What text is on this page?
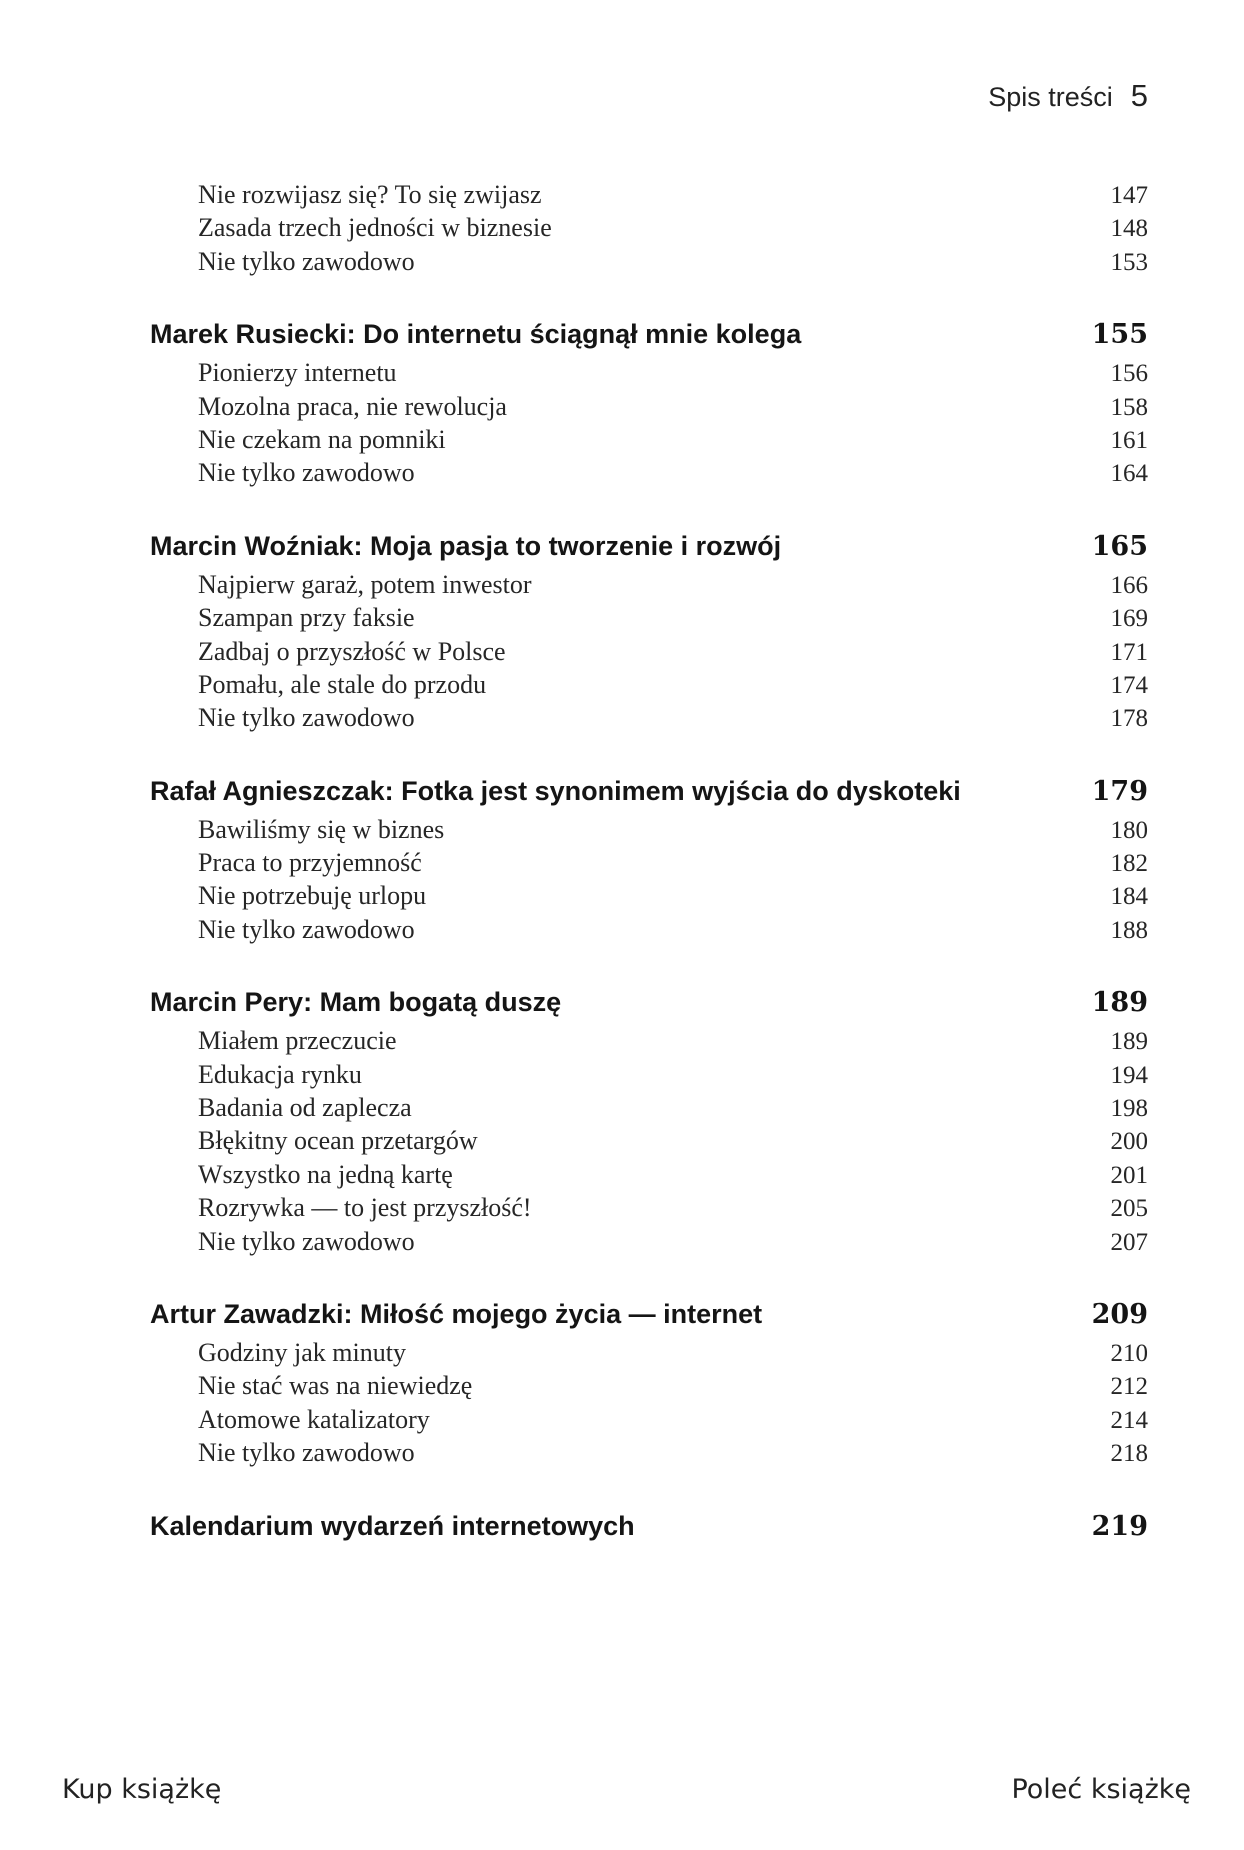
Spis treści 5
Nie rozwijasz się? To się zwijasz	147
Zasada trzech jedności w biznesie	148
Nie tylko zawodowo	153
Marek Rusiecki: Do internetu ściągnął mnie kolega	155
Pionierzy internetu	156
Mozolna praca, nie rewolucja	158
Nie czekam na pomniki	161
Nie tylko zawodowo	164
Marcin Woźniak: Moja pasja to tworzenie i rozwój	165
Najpierw garaż, potem inwestor	166
Szampan przy faksie	169
Zadbaj o przyszłość w Polsce	171
Pomału, ale stale do przodu	174
Nie tylko zawodowo	178
Rafał Agnieszczak: Fotka jest synonimem wyjścia do dyskoteki	179
Bawiliśmy się w biznes	180
Praca to przyjemność	182
Nie potrzebuję urlopu	184
Nie tylko zawodowo	188
Marcin Pery: Mam bogatą duszę	189
Miałem przeczucie	189
Edukacja rynku	194
Badania od zaplecza	198
Błękitny ocean przetargów	200
Wszystko na jedną kartę	201
Rozrywka — to jest przyszłość!	205
Nie tylko zawodowo	207
Artur Zawadzki: Miłość mojego życia — internet	209
Godziny jak minuty	210
Nie stać was na niewiedzę	212
Atomowe katalizatory	214
Nie tylko zawodowo	218
Kalendarium wydarzeń internetowych	219
Kup książkę	Poleć książkę
